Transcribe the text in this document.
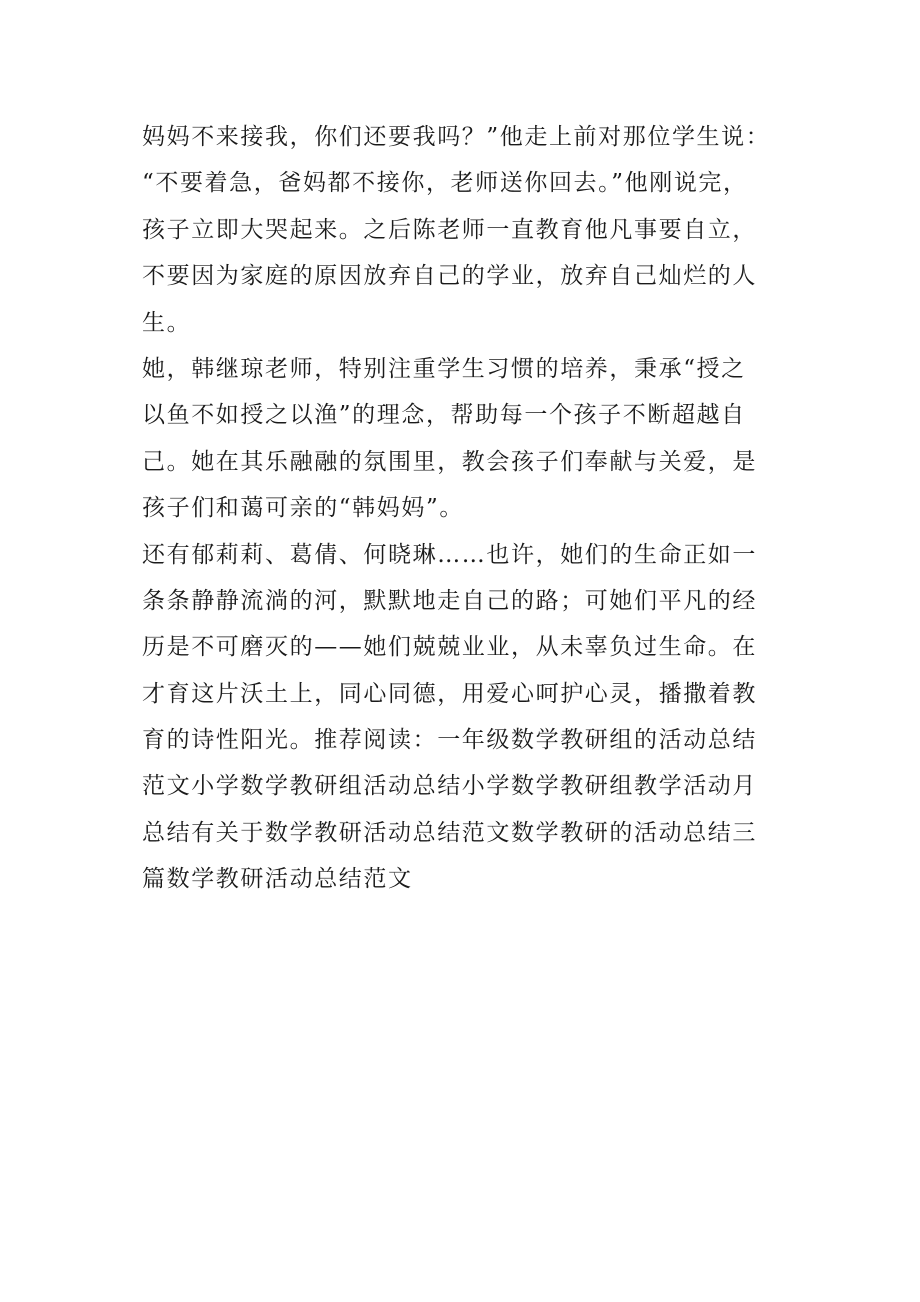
妈妈不来接我，你们还要我吗？”他走上前对那位学生说：
“不要着急，爸妈都不接你，老师送你回去。”他刚说完，
孩子立即大哭起来。之后陈老师一直教育他凡事要自立，
不要因为家庭的原因放弃自己的学业，放弃自己灿烂的人
生。
她，韩继琼老师，特别注重学生习惯的培养，秉承“授之
以鱼不如授之以渔”的理念，帮助每一个孩子不断超越自
己。她在其乐融融的氛围里，教会孩子们奉献与关爱，是
孩子们和蔼可亲的“韩妈妈”。
还有郁莉莉、葛倩、何晓琳……也许，她们的生命正如一
条条静静流淌的河，默默地走自己的路；可她们平凡的经
历是不可磨灭的——她们兢兢业业，从未辜负过生命。在
才育这片沃土上，同心同德，用爱心呵护心灵，播撒着教
育的诗性阳光。推荐阅读：一年级数学教研组的活动总结
范文小学数学教研组活动总结小学数学教研组教学活动月
总结有关于数学教研活动总结范文数学教研的活动总结三
篇数学教研活动总结范文
